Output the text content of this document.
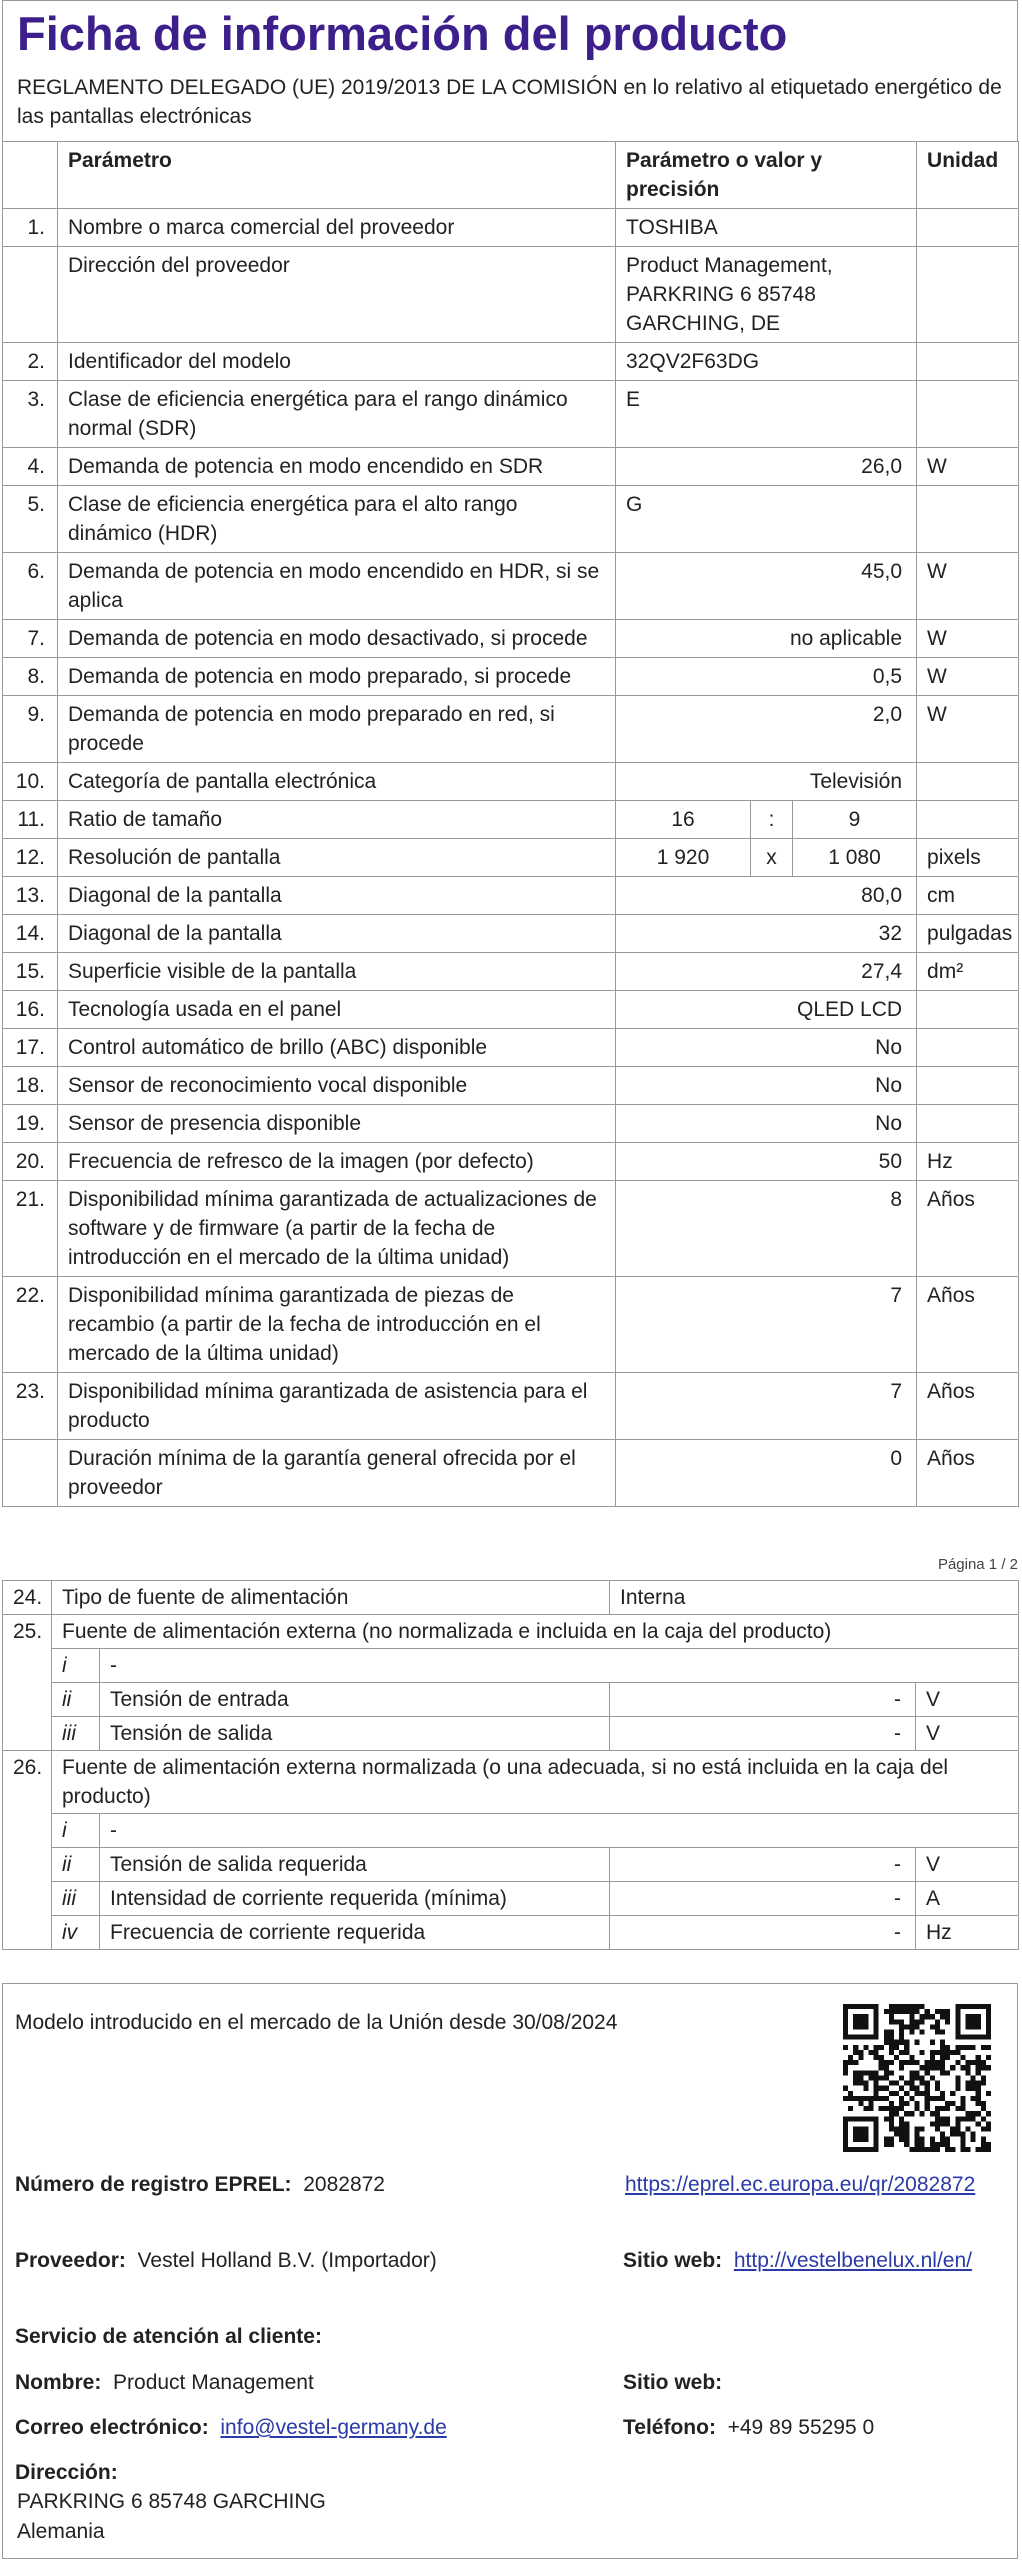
Ficha de información del producto
REGLAMENTO DELEGADO (UE) 2019/2013 DE LA COMISIÓN en lo relativo al etiquetado energético de las pantallas electrónicas
	Parámetro	Parámetro o valor y precisión			Unidad
1.	Nombre o marca comercial del proveedor	TOSHIBA			
	Dirección del proveedor	Product Management, PARKRING 6 85748 GARCHING, DE			
2.	Identificador del modelo	32QV2F63DG			
3.	Clase de eficiencia energética para el rango dinámico normal (SDR)	E			
4.	Demanda de potencia en modo encendido en SDR	26,0			W
5.	Clase de eficiencia energética para el alto rango dinámico (HDR)	G			
6.	Demanda de potencia en modo encendido en HDR, si se aplica	45,0			W
7.	Demanda de potencia en modo desactivado, si procede	no aplicable			W
8.	Demanda de potencia en modo preparado, si procede	0,5			W
9.	Demanda de potencia en modo preparado en red, si procede	2,0			W
10.	Categoría de pantalla electrónica	Televisión			
11.	Ratio de tamaño	16	:	9	
12.	Resolución de pantalla	1 920	x	1 080	pixels
13.	Diagonal de la pantalla	80,0			cm
14.	Diagonal de la pantalla	32			pulgadas
15.	Superficie visible de la pantalla	27,4			dm²
16.	Tecnología usada en el panel	QLED LCD			
17.	Control automático de brillo (ABC) disponible	No			
18.	Sensor de reconocimiento vocal disponible	No			
19.	Sensor de presencia disponible	No			
20.	Frecuencia de refresco de la imagen (por defecto)	50			Hz
21.	Disponibilidad mínima garantizada de actualizaciones de software y de firmware (a partir de la fecha de introducción en el mercado de la última unidad)	8			Años
22.	Disponibilidad mínima garantizada de piezas de recambio (a partir de la fecha de introducción en el mercado de la última unidad)	7			Años
23.	Disponibilidad mínima garantizada de asistencia para el producto	7			Años
	Duración mínima de la garantía general ofrecida por el proveedor	0			Años
Página 1 / 2
24.	Tipo de fuente de alimentación		Interna	
25.	Fuente de alimentación externa (no normalizada e incluida en la caja del producto)			
	i	-		
	ii	Tensión de entrada	-	V
	iii	Tensión de salida	-	V
26.	Fuente de alimentación externa normalizada (o una adecuada, si no está incluida en la caja del producto)			
	i	-		
	ii	Tensión de salida requerida	-	V
	iii	Intensidad de corriente requerida (mínima)	-	A
	iv	Frecuencia de corriente requerida	-	Hz
Modelo introducido en el mercado de la Unión desde 30/08/2024
Número de registro EPREL: 2082872	https://eprel.ec.europa.eu/qr/2082872
Proveedor: Vestel Holland B.V. (Importador)	Sitio web: http://vestelbenelux.nl/en/
Servicio de atención al cliente:
Nombre: Product Management	Sitio web:
Correo electrónico: info@vestel-germany.de	Teléfono: +49 89 55295 0
Dirección:
PARKRING 6 85748 GARCHING
Alemania
